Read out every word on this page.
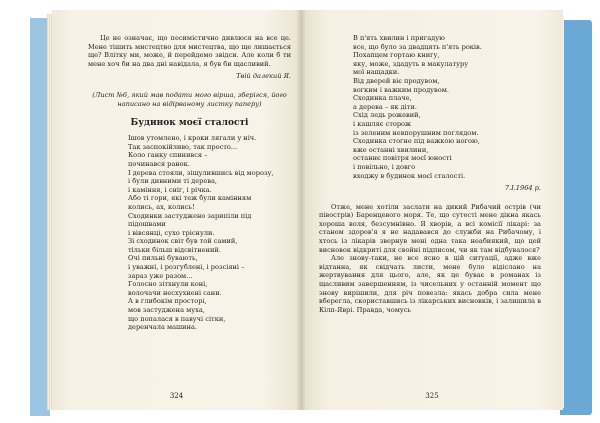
Це не означає, що песимістично дивлюся на все це. Мене тішить мистецтво для мистецтва, що ще лишається ще? Влітку ми, може, й перейдемо звідси. Але коли б ти мене хоч би на два дні навідала, я був би щасливий.

Твій далекий Я.

(Лист №6, який мав подати мого вірша, зберігся, його написано на відірваному листку паперу)

Будинок моєї сталості

Ішов утомлено, і кроки лягали у ніч.
Так заспокійливо, так просто...
Коло ганку спинився –
починався ранок.
І дерева стояли, зіщулившись від морозу,
і були дивними ті дерева,
і каміння, і сніг, і річка.
Або ті гори, які теж були камінням
колись, ах, колись!
Сходинки застуджено зарипіли під підошвами
і вівсянці, сухо тріснули.
Зі сходинок світ був той самий,
тільки більш відсвітнений.
Очі пильні бувають,
і уважні, і розгублені, і розсіяні –
зараз уже разом...
Голосно зітхнули коні,
волочачи несхухнені сани.
А в глибокім просторі,
мов застуджена муха,
що попалася в павучі сітки,
деренчала машина.
324
В п'ять хвилин і пригадую
все, що було за двадцять п'ять років.
Похапцем гортаю книгу,
яку, може, здадуть в макулатуру
мої нащадки.
Від дверей віє продувом,
вогким і важким продувом.
Сходинка плаче,
а дерева – як діти.
Схід ледь рожевий,
і кашляє сторож
із зеленим невпорушним поглядом.
Сходинка стогне під важкою ногою,
вже останні хвилини,
останнє повітря моєї юності
і повільно, і довго
входжу в будинок моєї сталості.

7.І.1964 р.

Отже, мене хотіли заслати на дикий Рибачий острів (чи півострів) Баренцевого моря. Те, що сутесті мене дікна якась хороша воля, безсумнівно. Я хворів, а всі комісії лікарі: за станом здоров'я я не надавався до служби на Рибачому, і хтось із лікарів звернув мені одна така неабиякий, що цей висновок відкриті для свойні підписом, чи як там відбувалося?

Але знову-таки, не все ясно в цій ситуації, адже вже відтанна, як свідчать листи, мене було відіслано на жертвування для цього, але, як це буває в романах із щасливим завершенням, із чисельних у останній момент що знову вирішили, для річ повезла: якась добра сила мене вберегла, скориставшись із лікарських висновків, і залишила в Кілп-Яврі. Правда, чомусь

325
